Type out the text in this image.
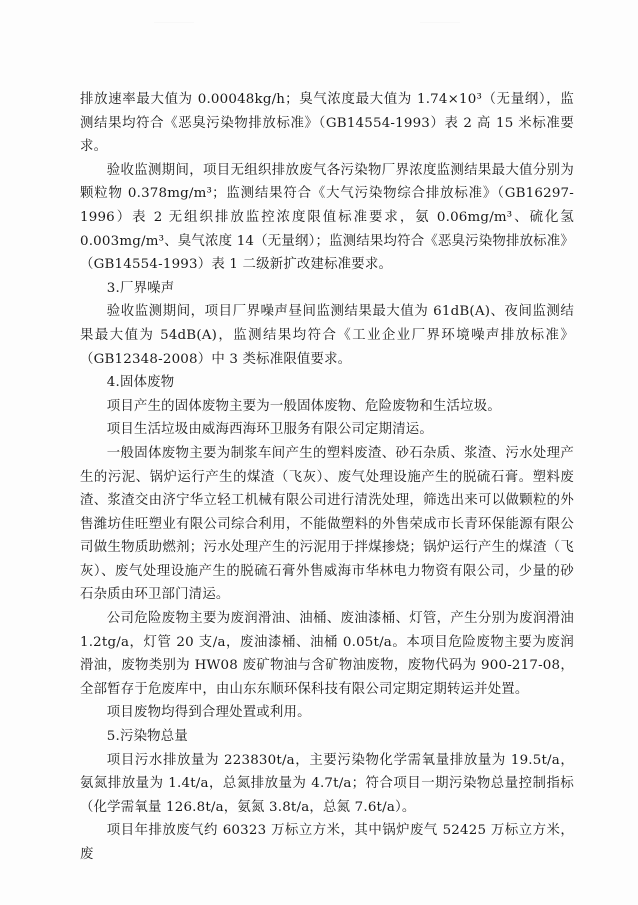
排放速率最大值为 0.00048kg/h；臭气浓度最大值为 1.74×10³（无量纲），监测结果均符合《恶臭污染物排放标准》（GB14554-1993）表 2 高 15 米标准要求。

验收监测期间，项目无组织排放废气各污染物厂界浓度监测结果最大值分别为颗粒物 0.378mg/m³；监测结果符合《大气污染物综合排放标准》（GB16297-1996）表 2 无组织排放监控浓度限值标准要求，氨 0.06mg/m³、硫化氢 0.003mg/m³、臭气浓度 14（无量纲）；监测结果均符合《恶臭污染物排放标准》（GB14554-1993）表 1 二级新扩改建标准要求。

3.厂界噪声

验收监测期间，项目厂界噪声昼间监测结果最大值为 61dB(A)、夜间监测结果最大值为 54dB(A)，监测结果均符合《工业企业厂界环境噪声排放标准》（GB12348-2008）中 3 类标准限值要求。

4.固体废物

项目产生的固体废物主要为一般固体废物、危险废物和生活垃圾。

项目生活垃圾由威海西海环卫服务有限公司定期清运。

一般固体废物主要为制浆车间产生的塑料废渣、砂石杂质、浆渣、污水处理产生的污泥、锅炉运行产生的煤渣（飞灰）、废气处理设施产生的脱硫石膏。塑料废渣、浆渣交由济宁华立轻工机械有限公司进行清洗处理，筛选出来可以做颗粒的外售潍坊佳旺塑业有限公司综合利用，不能做塑料的外售荣成市长青环保能源有限公司做生物质助燃剂；污水处理产生的污泥用于拌煤掺烧；锅炉运行产生的煤渣（飞灰）、废气处理设施产生的脱硫石膏外售威海市华林电力物资有限公司，少量的砂石杂质由环卫部门清运。

公司危险废物主要为废润滑油、油桶、废油漆桶、灯管，产生分别为废润滑油 1.2tg/a，灯管 20 支/a，废油漆桶、油桶 0.05t/a。本项目危险废物主要为废润滑油，废物类别为 HW08 废矿物油与含矿物油废物，废物代码为 900-217-08，全部暂存于危废库中，由山东东顺环保科技有限公司定期定期转运并处置。

项目废物均得到合理处置或利用。

5.污染物总量

项目污水排放量为 223830t/a，主要污染物化学需氧量排放量为 19.5t/a，氨氮排放量为 1.4t/a，总氮排放量为 4.7t/a；符合项目一期污染物总量控制指标（化学需氧量 126.8t/a，氨氮 3.8t/a，总氮 7.6t/a）。

项目年排放废气约 60323 万标立方米，其中锅炉废气 52425 万标立方米，废
